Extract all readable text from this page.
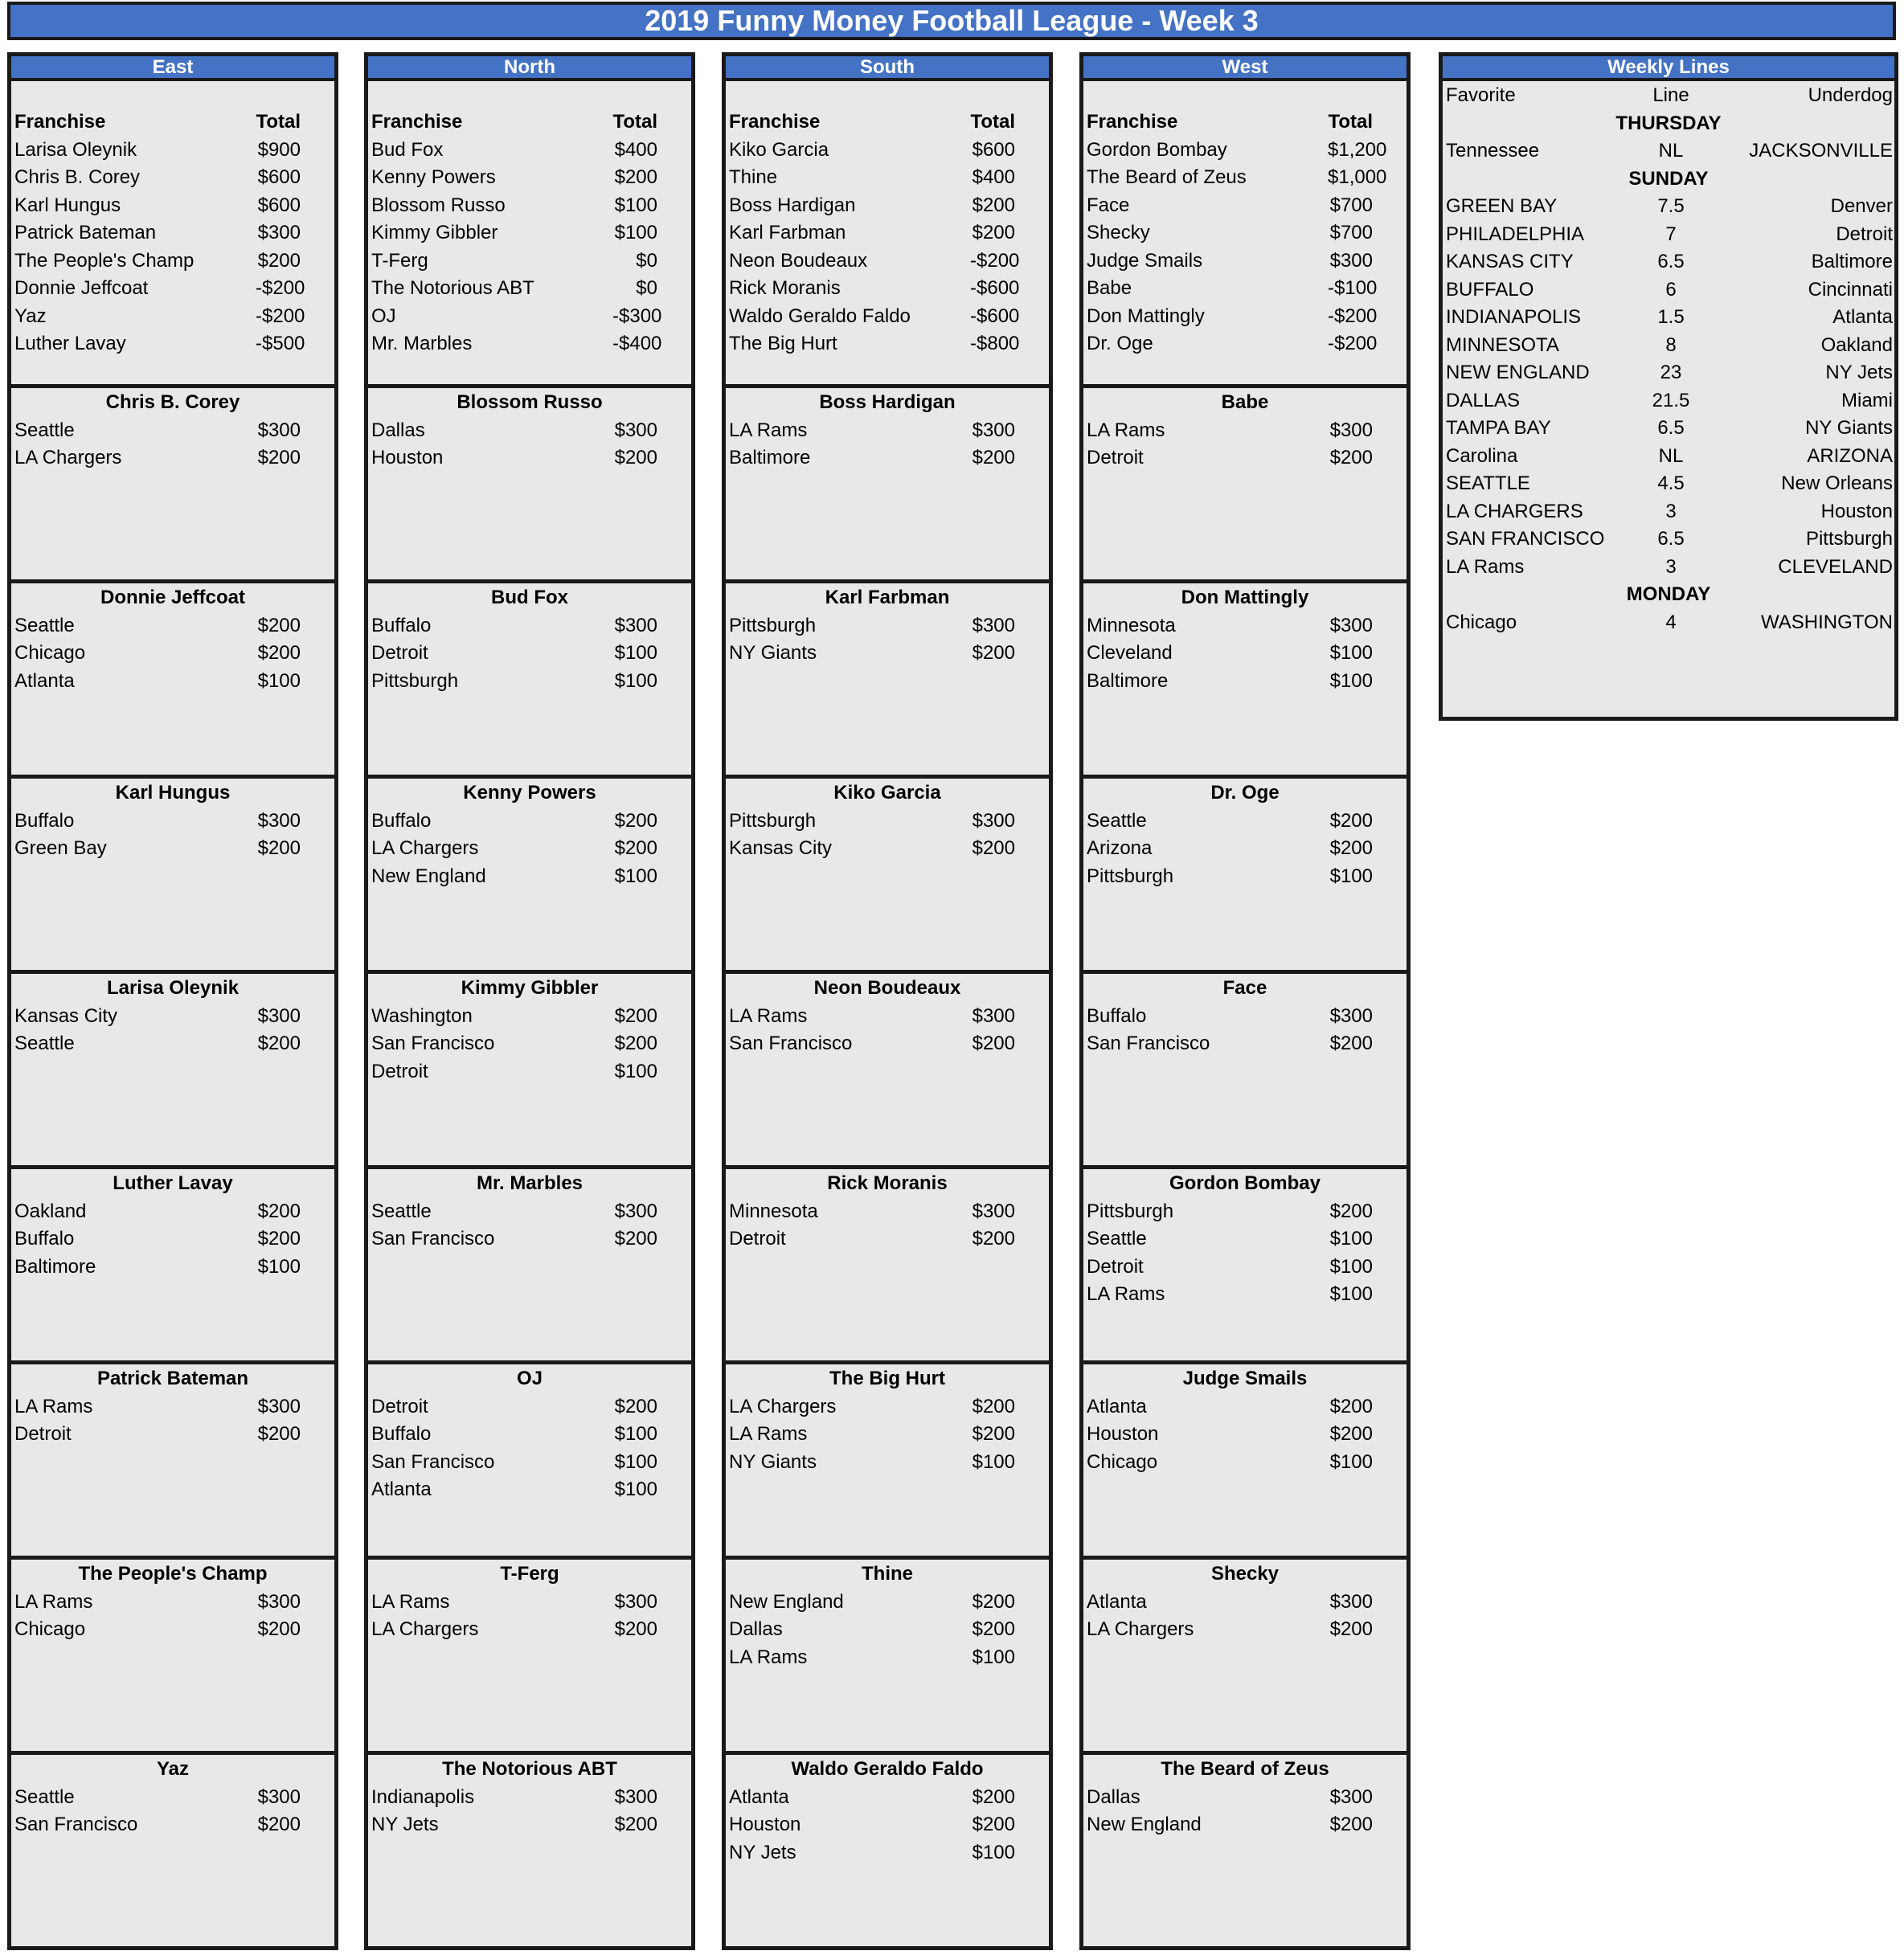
2019 Funny Money Football League - Week 3
East
Franchise	Total
Larisa Oleynik	$900
Chris B. Corey	$600
Karl Hungus	$600
Patrick Bateman	$300
The People's Champ	$200
Donnie Jeffcoat	-$200
Yaz	-$200
Luther Lavay	-$500
Chris B. Corey
Seattle	$300
LA Chargers	$200
Donnie Jeffcoat
Seattle	$200
Chicago	$200
Atlanta	$100
Karl Hungus
Buffalo	$300
Green Bay	$200
Larisa Oleynik
Kansas City	$300
Seattle	$200
Luther Lavay
Oakland	$200
Buffalo	$200
Baltimore	$100
Patrick Bateman
LA Rams	$300
Detroit	$200
The People's Champ
LA Rams	$300
Chicago	$200
Yaz
Seattle	$300
San Francisco	$200
North
Franchise	Total
Bud Fox	$400
Kenny Powers	$200
Blossom Russo	$100
Kimmy Gibbler	$100
T-Ferg	$0
The Notorious ABT	$0
OJ	-$300
Mr. Marbles	-$400
Blossom Russo
Dallas	$300
Houston	$200
Bud Fox
Buffalo	$300
Detroit	$100
Pittsburgh	$100
Kenny Powers
Buffalo	$200
LA Chargers	$200
New England	$100
Kimmy Gibbler
Washington	$200
San Francisco	$200
Detroit	$100
Mr. Marbles
Seattle	$300
San Francisco	$200
OJ
Detroit	$200
Buffalo	$100
San Francisco	$100
Atlanta	$100
T-Ferg
LA Rams	$300
LA Chargers	$200
The Notorious ABT
Indianapolis	$300
NY Jets	$200
South
Franchise	Total
Kiko Garcia	$600
Thine	$400
Boss Hardigan	$200
Karl Farbman	$200
Neon Boudeaux	-$200
Rick Moranis	-$600
Waldo Geraldo Faldo	-$600
The Big Hurt	-$800
Boss Hardigan
LA Rams	$300
Baltimore	$200
Karl Farbman
Pittsburgh	$300
NY Giants	$200
Kiko Garcia
Pittsburgh	$300
Kansas City	$200
Neon Boudeaux
LA Rams	$300
San Francisco	$200
Rick Moranis
Minnesota	$300
Detroit	$200
The Big Hurt
LA Chargers	$200
LA Rams	$200
NY Giants	$100
Thine
New England	$200
Dallas	$200
LA Rams	$100
Waldo Geraldo Faldo
Atlanta	$200
Houston	$200
NY Jets	$100
West
Franchise	Total
Gordon Bombay	$1,200
The Beard of Zeus	$1,000
Face	$700
Shecky	$700
Judge Smails	$300
Babe	-$100
Don Mattingly	-$200
Dr. Oge	-$200
Babe
LA Rams	$300
Detroit	$200
Don Mattingly
Minnesota	$300
Cleveland	$100
Baltimore	$100
Dr. Oge
Seattle	$200
Arizona	$200
Pittsburgh	$100
Face
Buffalo	$300
San Francisco	$200
Gordon Bombay
Pittsburgh	$200
Seattle	$100
Detroit	$100
LA Rams	$100
Judge Smails
Atlanta	$200
Houston	$200
Chicago	$100
Shecky
Atlanta	$300
LA Chargers	$200
The Beard of Zeus
Dallas	$300
New England	$200
Weekly Lines
Favorite	Line	Underdog
THURSDAY
Tennessee	NL	JACKSONVILLE
SUNDAY
GREEN BAY	7.5	Denver
PHILADELPHIA	7	Detroit
KANSAS CITY	6.5	Baltimore
BUFFALO	6	Cincinnati
INDIANAPOLIS	1.5	Atlanta
MINNESOTA	8	Oakland
NEW ENGLAND	23	NY Jets
DALLAS	21.5	Miami
TAMPA BAY	6.5	NY Giants
Carolina	NL	ARIZONA
SEATTLE	4.5	New Orleans
LA CHARGERS	3	Houston
SAN FRANCISCO	6.5	Pittsburgh
LA Rams	3	CLEVELAND
MONDAY
Chicago	4	WASHINGTON
